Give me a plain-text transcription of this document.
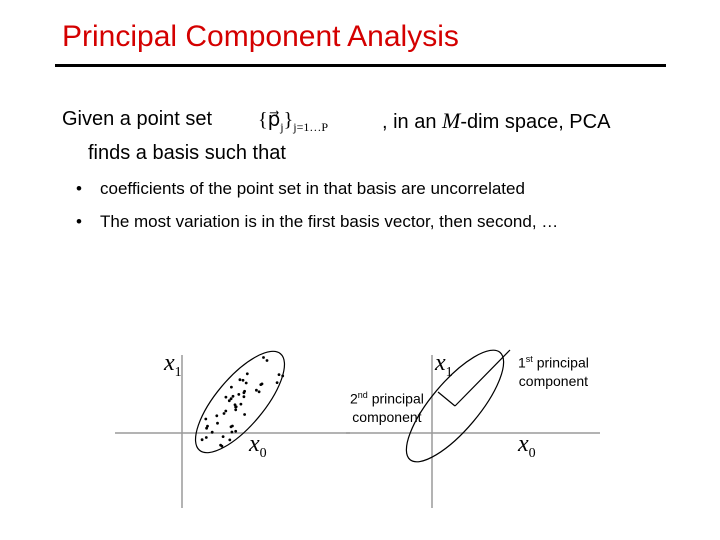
Principal Component Analysis
Given a point set $\{p⃗_j\}_{j=1\dots P}$	, in an M-dim space, PCA
finds a basis such that
• coefficients of the point set in that basis are uncorrelated
• The most variation is in the first basis vector, then second, …
$x_1$
$x_0$
$x_1$
$x_0$
1st principal
component
2nd principal
component
